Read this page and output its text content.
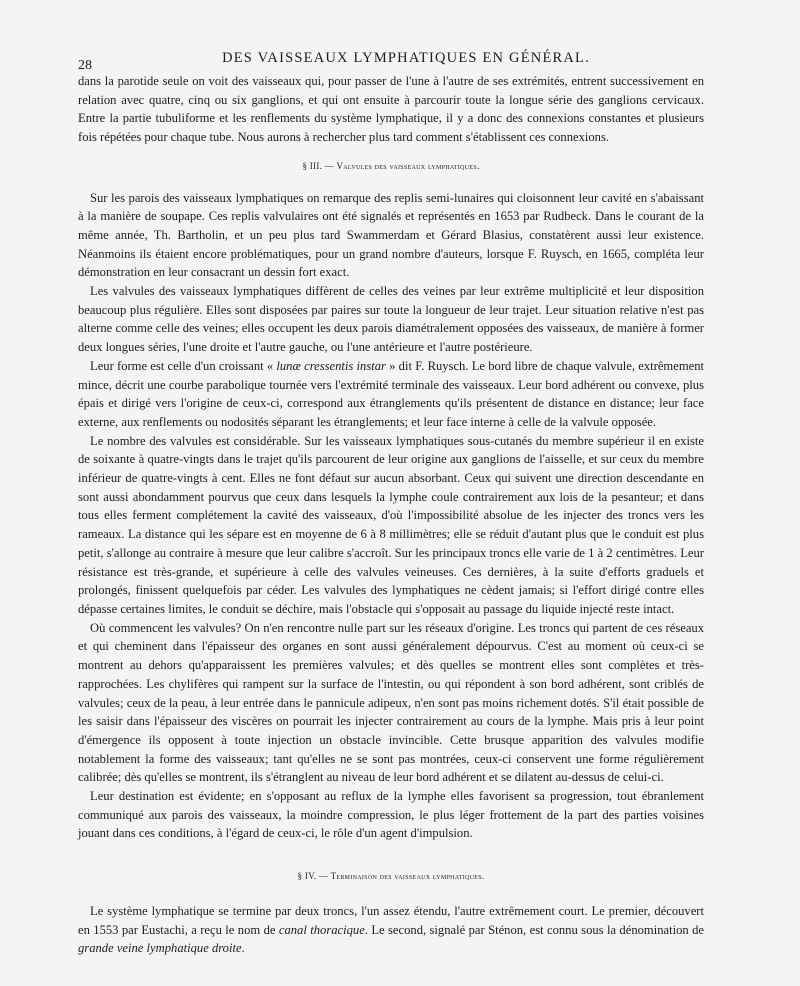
28	DES VAISSEAUX LYMPHATIQUES EN GÉNÉRAL.

dans la parotide seule on voit des vaisseaux qui, pour passer de l'une à l'autre de ses extrémités, entrent successivement en relation avec quatre, cinq ou six ganglions, et qui ont ensuite à parcourir toute la longue série des ganglions cervicaux. Entre la partie tubuliforme et les renflements du système lymphatique, il y a donc des connexions constantes et plusieurs fois répétées pour chaque tube. Nous aurons à rechercher plus tard comment s'établissent ces connexions.

§ III. — Valvules des vaisseaux lymphatiques.

Sur les parois des vaisseaux lymphatiques on remarque des replis semi-lunaires qui cloisonnent leur cavité en s'abaissant à la manière de soupape. Ces replis valvulaires ont été signalés et représentés en 1653 par Rudbeck. Dans le courant de la même année, Th. Bartholin, et un peu plus tard Swammerdam et Gérard Blasius, constatèrent aussi leur existence. Néanmoins ils étaient encore problématiques, pour un grand nombre d'auteurs, lorsque F. Ruysch, en 1665, compléta leur démonstration en leur consacrant un dessin fort exact.

Les valvules des vaisseaux lymphatiques diffèrent de celles des veines par leur extrême multiplicité et leur disposition beaucoup plus régulière. Elles sont disposées par paires sur toute la longueur de leur trajet. Leur situation relative n'est pas alterne comme celle des veines; elles occupent les deux parois diamétralement opposées des vaisseaux, de manière à former deux longues séries, l'une droite et l'autre gauche, ou l'une antérieure et l'autre postérieure.

Leur forme est celle d'un croissant « lunæ cressentis instar » dit F. Ruysch. Le bord libre de chaque valvule, extrêmement mince, décrit une courbe parabolique tournée vers l'extrémité terminale des vaisseaux. Leur bord adhérent ou convexe, plus épais et dirigé vers l'origine de ceux-ci, correspond aux étranglements qu'ils présentent de distance en distance; leur face externe, aux renflements ou nodosités séparant les étranglements; et leur face interne à celle de la valvule opposée.

Le nombre des valvules est considérable. Sur les vaisseaux lymphatiques sous-cutanés du membre supérieur il en existe de soixante à quatre-vingts dans le trajet qu'ils parcourent de leur origine aux ganglions de l'aisselle, et sur ceux du membre inférieur de quatre-vingts à cent. Elles ne font défaut sur aucun absorbant. Ceux qui suivent une direction descendante en sont aussi abondamment pourvus que ceux dans lesquels la lymphe coule contrairement aux lois de la pesanteur; et dans tous elles ferment complétement la cavité des vaisseaux, d'où l'impossibilité absolue de les injecter des troncs vers les rameaux. La distance qui les sépare est en moyenne de 6 à 8 millimètres; elle se réduit d'autant plus que le conduit est plus petit, s'allonge au contraire à mesure que leur calibre s'accroît. Sur les principaux troncs elle varie de 1 à 2 centimètres. Leur résistance est très-grande, et supérieure à celle des valvules veineuses. Ces dernières, à la suite d'efforts graduels et prolongés, finissent quelquefois par céder. Les valvules des lymphatiques ne cèdent jamais; si l'effort dirigé contre elles dépasse certaines limites, le conduit se déchire, mais l'obstacle qui s'opposait au passage du liquide injecté reste intact.

Où commencent les valvules? On n'en rencontre nulle part sur les réseaux d'origine. Les troncs qui partent de ces réseaux et qui cheminent dans l'épaisseur des organes en sont aussi généralement dépourvus. C'est au moment où ceux-ci se montrent au dehors qu'apparaissent les premières valvules; et dès quelles se montrent elles sont complètes et très-rapprochées. Les chylifères qui rampent sur la surface de l'intestin, ou qui répondent à son bord adhérent, sont criblés de valvules; ceux de la peau, à leur entrée dans le pannicule adipeux, n'en sont pas moins richement dotés. S'il était possible de les saisir dans l'épaisseur des viscères on pourrait les injecter contrairement au cours de la lymphe. Mais pris à leur point d'émergence ils opposent à toute injection un obstacle invincible. Cette brusque apparition des valvules modifie notablement la forme des vaisseaux; tant qu'elles ne se sont pas montrées, ceux-ci conservent une forme régulièrement calibrée; dès qu'elles se montrent, ils s'étranglent au niveau de leur bord adhérent et se dilatent au-dessus de celui-ci.

Leur destination est évidente; en s'opposant au reflux de la lymphe elles favorisent sa progression, tout ébranlement communiqué aux parois des vaisseaux, la moindre compression, le plus léger frottement de la part des parties voisines jouant dans ces conditions, à l'égard de ceux-ci, le rôle d'un agent d'impulsion.

§ IV. — Terminaison des vaisseaux lymphatiques.

Le système lymphatique se termine par deux troncs, l'un assez étendu, l'autre extrêmement court. Le premier, découvert en 1553 par Eustachi, a reçu le nom de canal thoracique. Le second, signalé par Sténon, est connu sous la dénomination de grande veine lymphatique droite.
